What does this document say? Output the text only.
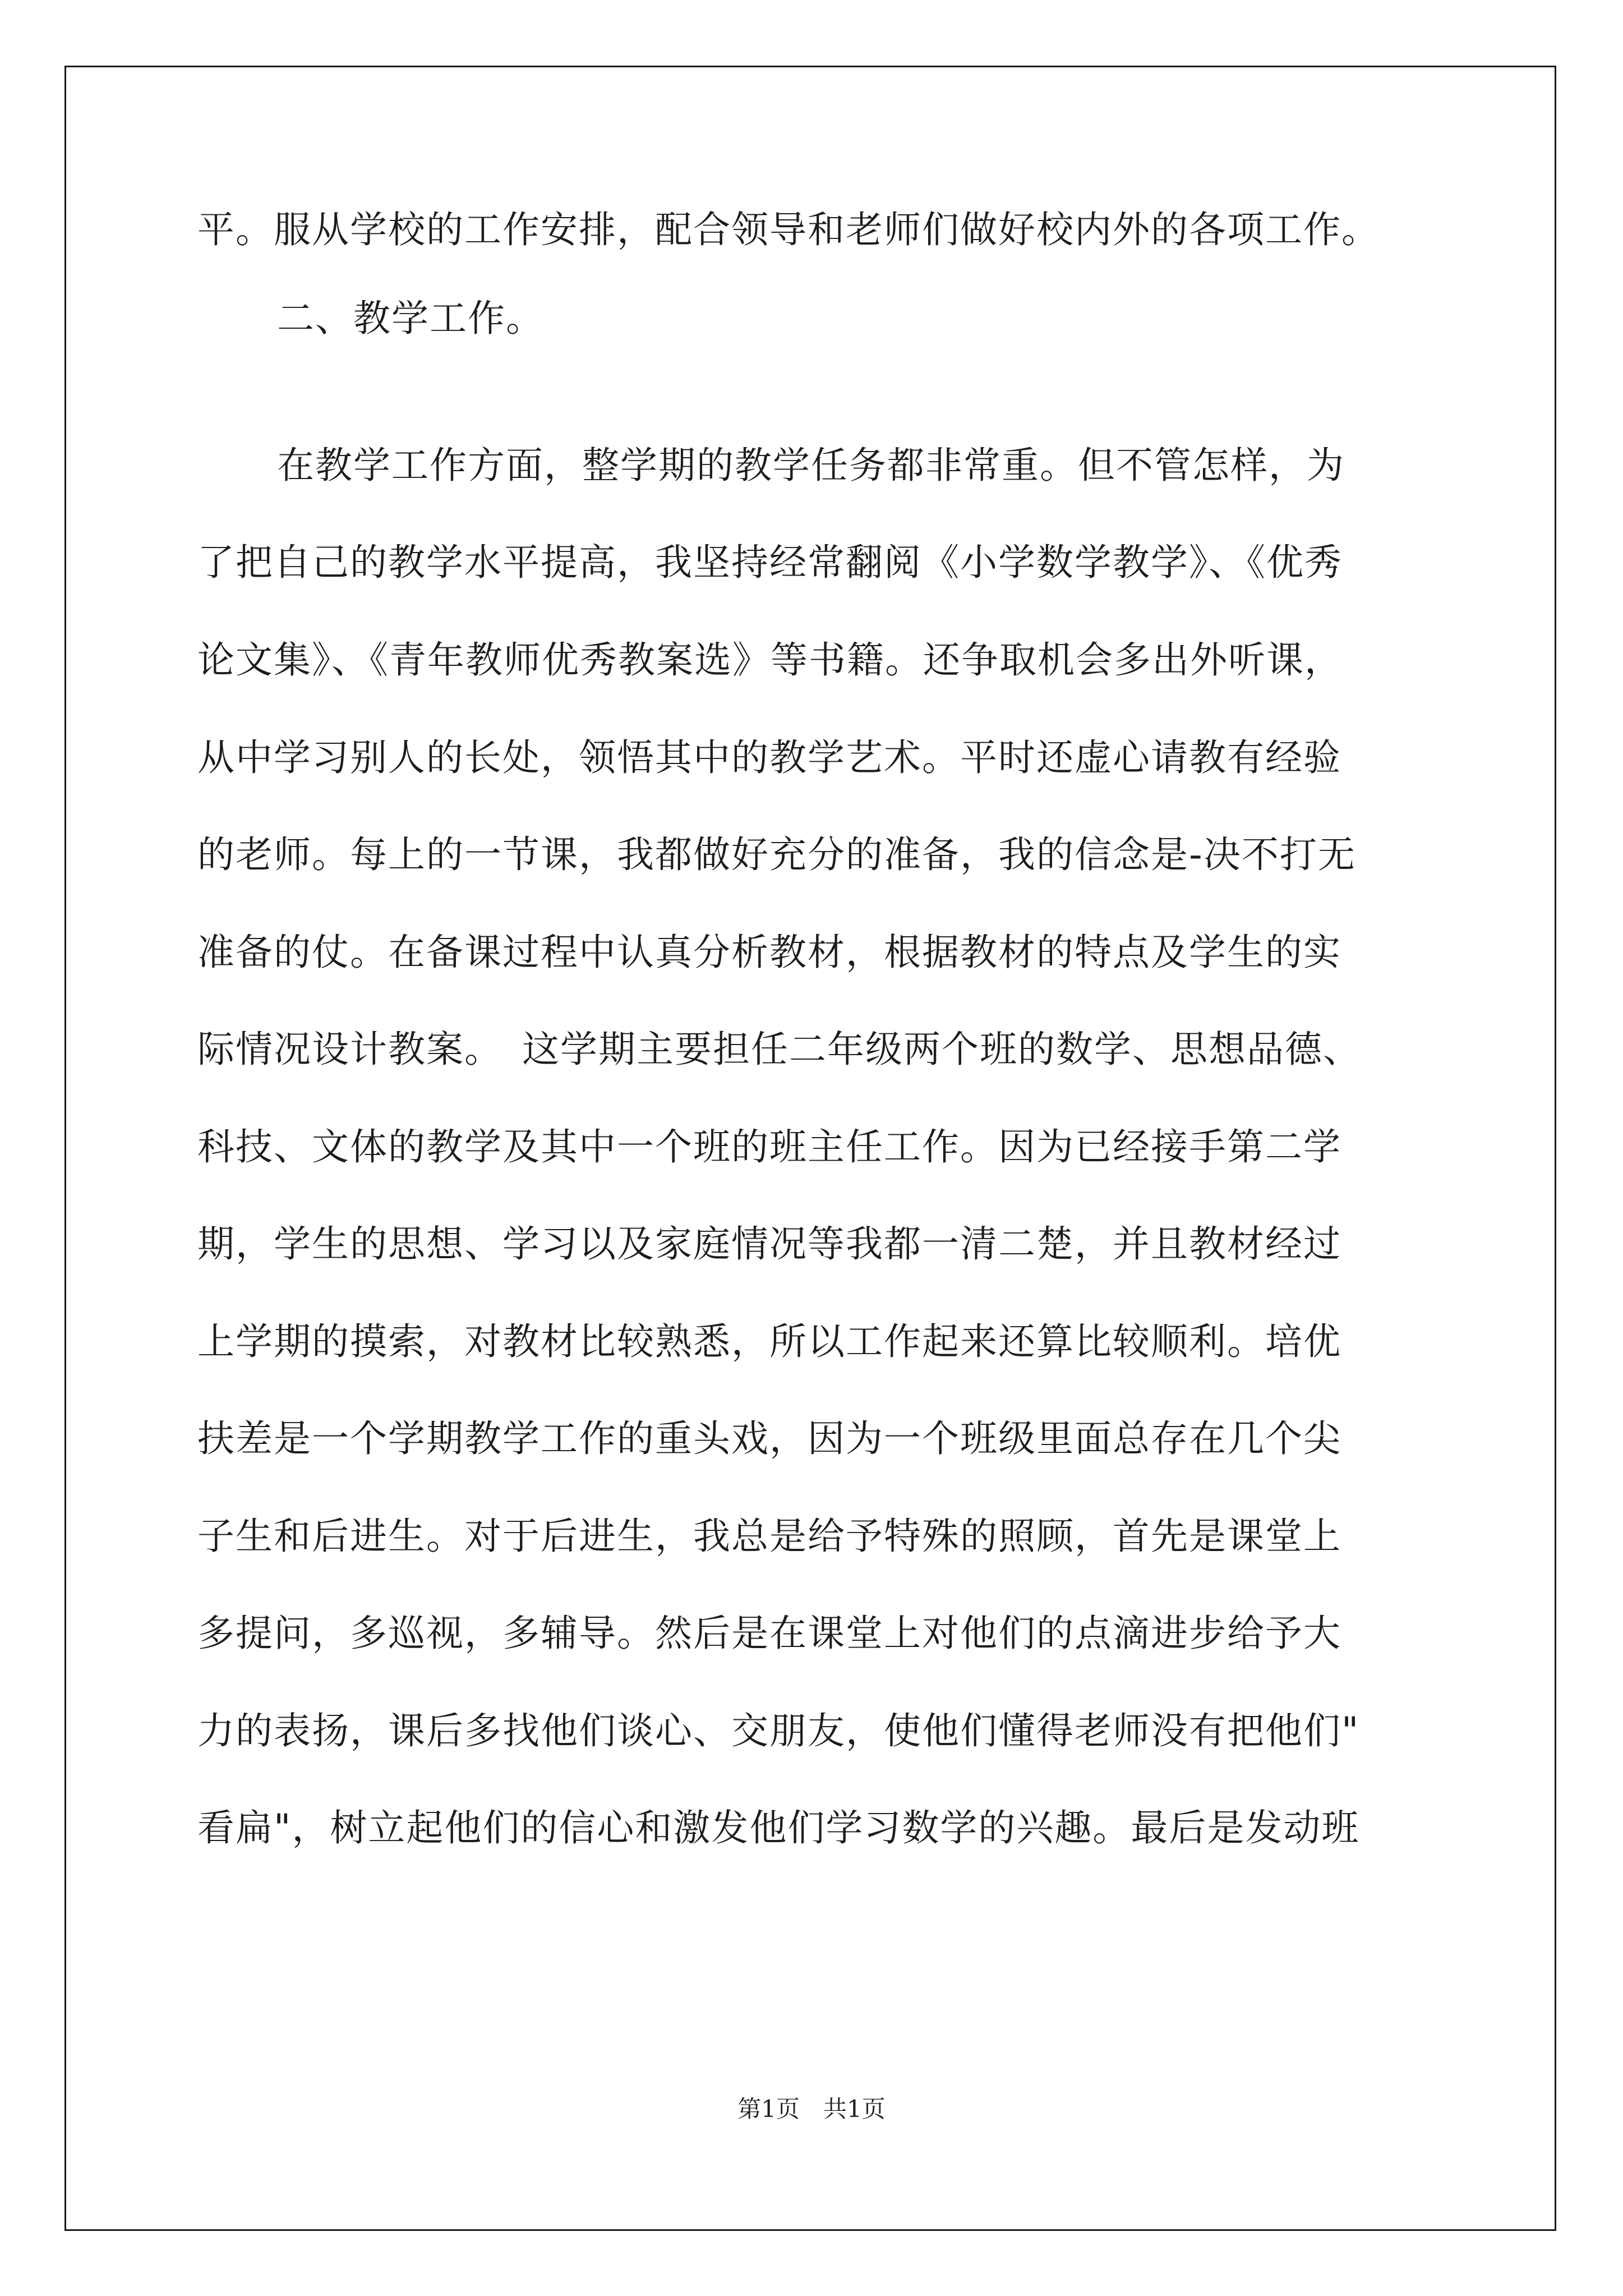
平。服从学校的工作安排，配合领导和老师们做好校内外的各项工作。

二、教学工作。

在教学工作方面，整学期的教学任务都非常重。但不管怎样，为

了把自己的教学水平提高，我坚持经常翻阅《小学数学教学》、《优秀

论文集》、《青年教师优秀教案选》等书籍。还争取机会多出外听课，

从中学习别人的长处，领悟其中的教学艺术。平时还虚心请教有经验

的老师。每上的一节课，我都做好充分的准备，我的信念是-决不打无

准备的仗。在备课过程中认真分析教材，根据教材的特点及学生的实

际情况设计教案。　这学期主要担任二年级两个班的数学、思想品德、

科技、文体的教学及其中一个班的班主任工作。因为已经接手第二学

期，学生的思想、学习以及家庭情况等我都一清二楚，并且教材经过

上学期的摸索，对教材比较熟悉，所以工作起来还算比较顺利。培优

扶差是一个学期教学工作的重头戏，因为一个班级里面总存在几个尖

子生和后进生。对于后进生，我总是给予特殊的照顾，首先是课堂上

多提问，多巡视，多辅导。然后是在课堂上对他们的点滴进步给予大

力的表扬，课后多找他们谈心、交朋友，使他们懂得老师没有把他们"

看扁"，树立起他们的信心和激发他们学习数学的兴趣。最后是发动班

第1页　共1页
